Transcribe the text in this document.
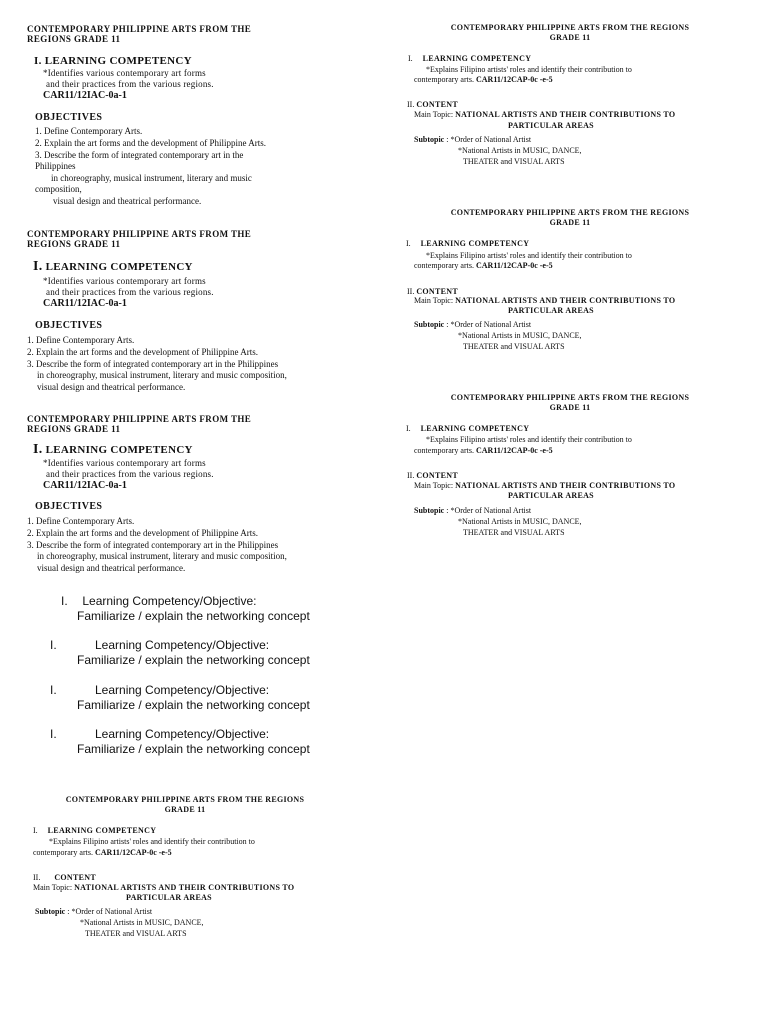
CONTEMPORARY PHILIPPINE ARTS FROM THE
REGIONS GRADE 11
I. LEARNING COMPETENCY
*Identifies various contemporary art forms
and their practices from the various regions.
CAR11/12IAC-0a-1
OBJECTIVES
1. Define Contemporary Arts.
2. Explain the art forms and the development of Philippine Arts.
3. Describe the form of integrated contemporary art in the
Philippines
in choreography, musical instrument, literary and music
composition,
visual design and theatrical performance.
CONTEMPORARY PHILIPPINE ARTS FROM THE
REGIONS GRADE 11
I. LEARNING COMPETENCY
*Identifies various contemporary art forms
and their practices from the various regions.
CAR11/12IAC-0a-1
OBJECTIVES
1. Define Contemporary Arts.
2. Explain the art forms and the development of Philippine Arts.
3. Describe the form of integrated contemporary art in the Philippines
in choreography, musical instrument, literary and music composition,
visual design and theatrical performance.
CONTEMPORARY PHILIPPINE ARTS FROM THE
REGIONS GRADE 11
I. LEARNING COMPETENCY
*Identifies various contemporary art forms
and their practices from the various regions.
CAR11/12IAC-0a-1
OBJECTIVES
1. Define Contemporary Arts.
2. Explain the art forms and the development of Philippine Arts.
3. Describe the form of integrated contemporary art in the Philippines
in choreography, musical instrument, literary and music composition,
visual design and theatrical performance.
I. Learning Competency/Objective:
Familiarize / explain the networking concept
I.	Learning Competency/Objective:
Familiarize / explain the networking concept
I.	Learning Competency/Objective:
Familiarize / explain the networking concept
I.	Learning Competency/Objective:
Familiarize / explain the networking concept
CONTEMPORARY PHILIPPINE ARTS FROM THE REGIONS
GRADE 11
I. LEARNING COMPETENCY
*Explains Filipino artists' roles and identify their contribution to
contemporary arts. CAR11/12CAP-0c -e-5
II. CONTENT
Main Topic: NATIONAL ARTISTS AND THEIR CONTRIBUTIONS TO
PARTICULAR AREAS
Subtopic : *Order of National Artist
*National Artists in MUSIC, DANCE,
THEATER and VISUAL ARTS
CONTEMPORARY PHILIPPINE ARTS FROM THE REGIONS
GRADE 11
I. LEARNING COMPETENCY
*Explains Filipino artists' roles and identify their contribution to
contemporary arts. CAR11/12CAP-0c -e-5
II. CONTENT
Main Topic: NATIONAL ARTISTS AND THEIR CONTRIBUTIONS TO
PARTICULAR AREAS
Subtopic : *Order of National Artist
*National Artists in MUSIC, DANCE,
THEATER and VISUAL ARTS
CONTEMPORARY PHILIPPINE ARTS FROM THE REGIONS
GRADE 11
I. LEARNING COMPETENCY
*Explains Filipino artists' roles and identify their contribution to
contemporary arts. CAR11/12CAP-0c -e-5
II. CONTENT
Main Topic: NATIONAL ARTISTS AND THEIR CONTRIBUTIONS TO
PARTICULAR AREAS
Subtopic : *Order of National Artist
*National Artists in MUSIC, DANCE,
THEATER and VISUAL ARTS
CONTEMPORARY PHILIPPINE ARTS FROM THE REGIONS
GRADE 11
I. LEARNING COMPETENCY
*Explains Filipino artists' roles and identify their contribution to
contemporary arts. CAR11/12CAP-0c -e-5
II. CONTENT
Main Topic: NATIONAL ARTISTS AND THEIR CONTRIBUTIONS TO
PARTICULAR AREAS
Subtopic : *Order of National Artist
*National Artists in MUSIC, DANCE,
THEATER and VISUAL ARTS
